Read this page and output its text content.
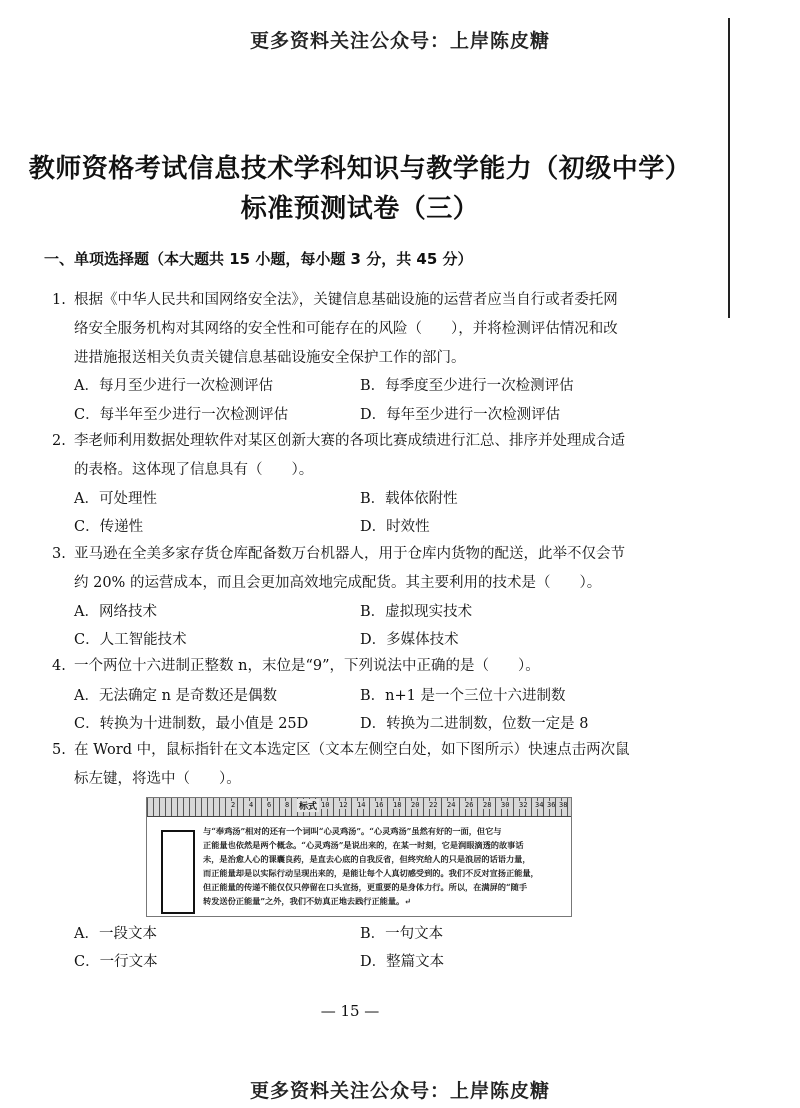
更多资料关注公众号：上岸陈皮糖
教师资格考试信息技术学科知识与教学能力（初级中学）
标准预测试卷（三）
一、单项选择题（本大题共 15 小题，每小题 3 分，共 45 分）
1. 根据《中华人民共和国网络安全法》，关键信息基础设施的运营者应当自行或者委托网
络安全服务机构对其网络的安全性和可能存在的风险（　　），并将检测评估情况和改
进措施报送相关负责关键信息基础设施安全保护工作的部门。
A．每月至少进行一次检测评估	B．每季度至少进行一次检测评估
C．每半年至少进行一次检测评估	D．每年至少进行一次检测评估
2. 李老师利用数据处理软件对某区创新大赛的各项比赛成绩进行汇总、排序并处理成合适
的表格。这体现了信息具有（　　）。
A．可处理性	B．载体依附性
C．传递性	D．时效性
3. 亚马逊在全美多家存货仓库配备数万台机器人，用于仓库内货物的配送，此举不仅会节
约 20% 的运营成本，而且会更加高效地完成配货。其主要利用的技术是（　　）。
A．网络技术	B．虚拟现实技术
C．人工智能技术	D．多媒体技术
4. 一个两位十六进制正整数 n，末位是“9”，下列说法中正确的是（　　）。
A．无法确定 n 是奇数还是偶数	B．n+1 是一个三位十六进制数
C．转换为十进制数，最小值是 25D	D．转换为二进制数，位数一定是 8
5. 在 Word 中，鼠标指针在文本选定区（文本左侧空白处，如下图所示）快速点击两次鼠
标左键，将选中（　　）。
标式
2 4 6 8	10 12 14 16 18 20 22 24 26 28 30 32 34 36 38
与“奉鸡汤”相对的还有一个词叫“心灵鸡汤”。“心灵鸡汤”虽然有好的一面，但它与
正能量也依然是两个概念。“心灵鸡汤”是说出来的，在某一时刻，它是润眼滴透的故事话
未，是治愈人心的课囊良药，是直去心底的自我反省，但终究给人的只是浪居的话语力量，
而正能量却是以实际行动呈现出来的，是能让每个人真切感受到的。我们不反对宣扬正能量，
但正能量的传递不能仅仅只停留在口头宣扬，更重要的是身体力行。所以，在满屏的“随手
转发送份正能量”之外，我们不妨真正地去践行正能量。↵
A．一段文本	B．一句文本
C．一行文本	D．整篇文本
— 15 —
更多资料关注公众号：上岸陈皮糖
